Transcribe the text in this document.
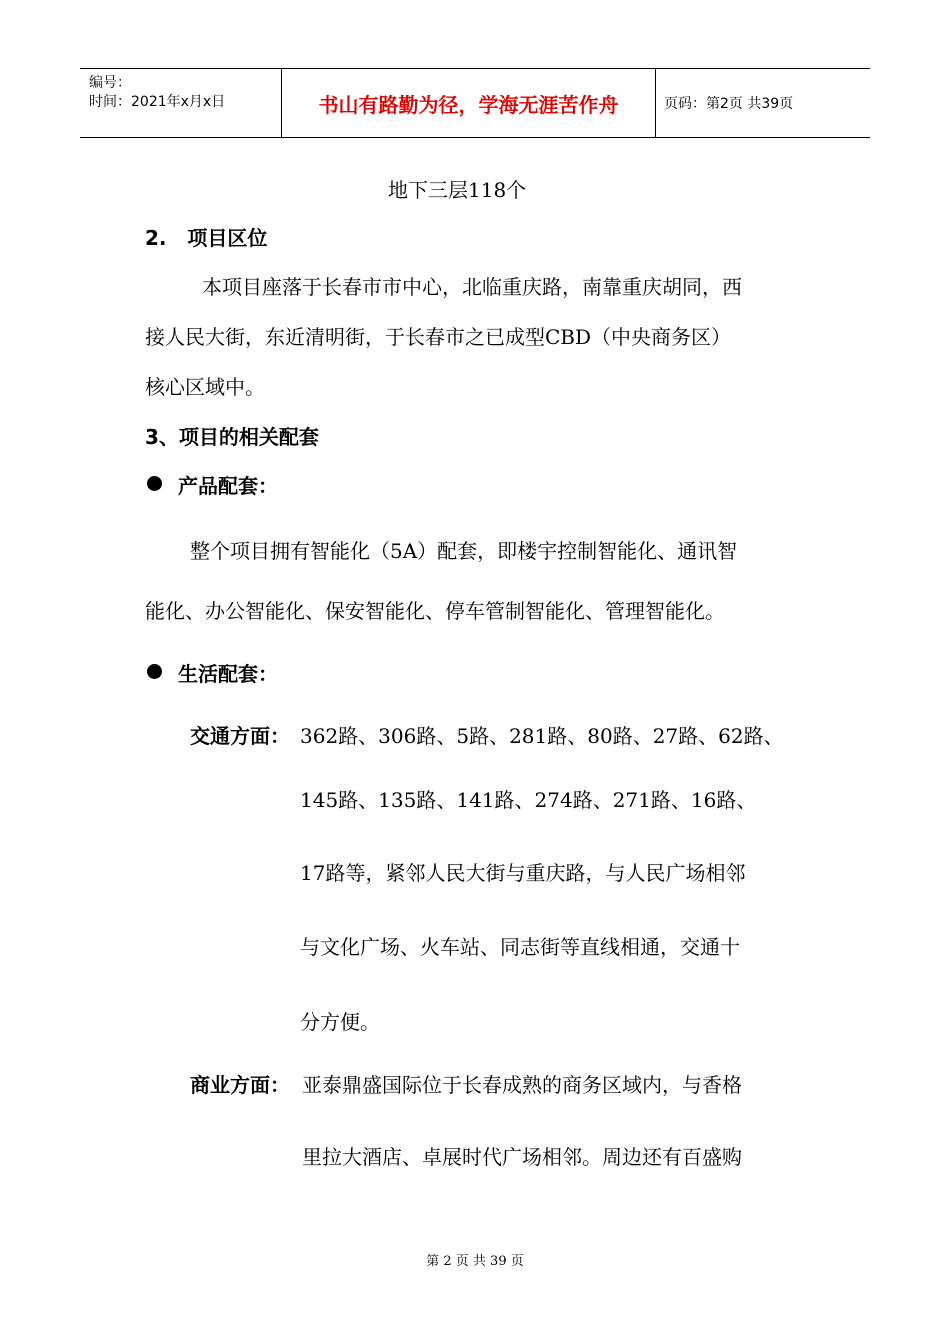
编号：
时间：2021年x月x日	书山有路勤为径，学海无涯苦作舟	页码：第2页 共39页
地下三层118个
2.   项目区位
本项目座落于长春市市中心，北临重庆路，南靠重庆胡同，西
接人民大街，东近清明街，于长春市之已成型CBD（中央商务区）
核心区域中。
3、项目的相关配套
产品配套：
整个项目拥有智能化（5A）配套，即楼宇控制智能化、通讯智
能化、办公智能化、保安智能化、停车管制智能化、管理智能化。
生活配套：
交通方面： 362路、306路、5路、281路、80路、27路、62路、
145路、135路、141路、274路、271路、16路、
17路等，紧邻人民大街与重庆路，与人民广场相邻
与文化广场、火车站、同志街等直线相通，交通十
分方便。
商业方面： 亚泰鼎盛国际位于长春成熟的商务区域内，与香格
里拉大酒店、卓展时代广场相邻。周边还有百盛购
第 2 页 共 39 页
